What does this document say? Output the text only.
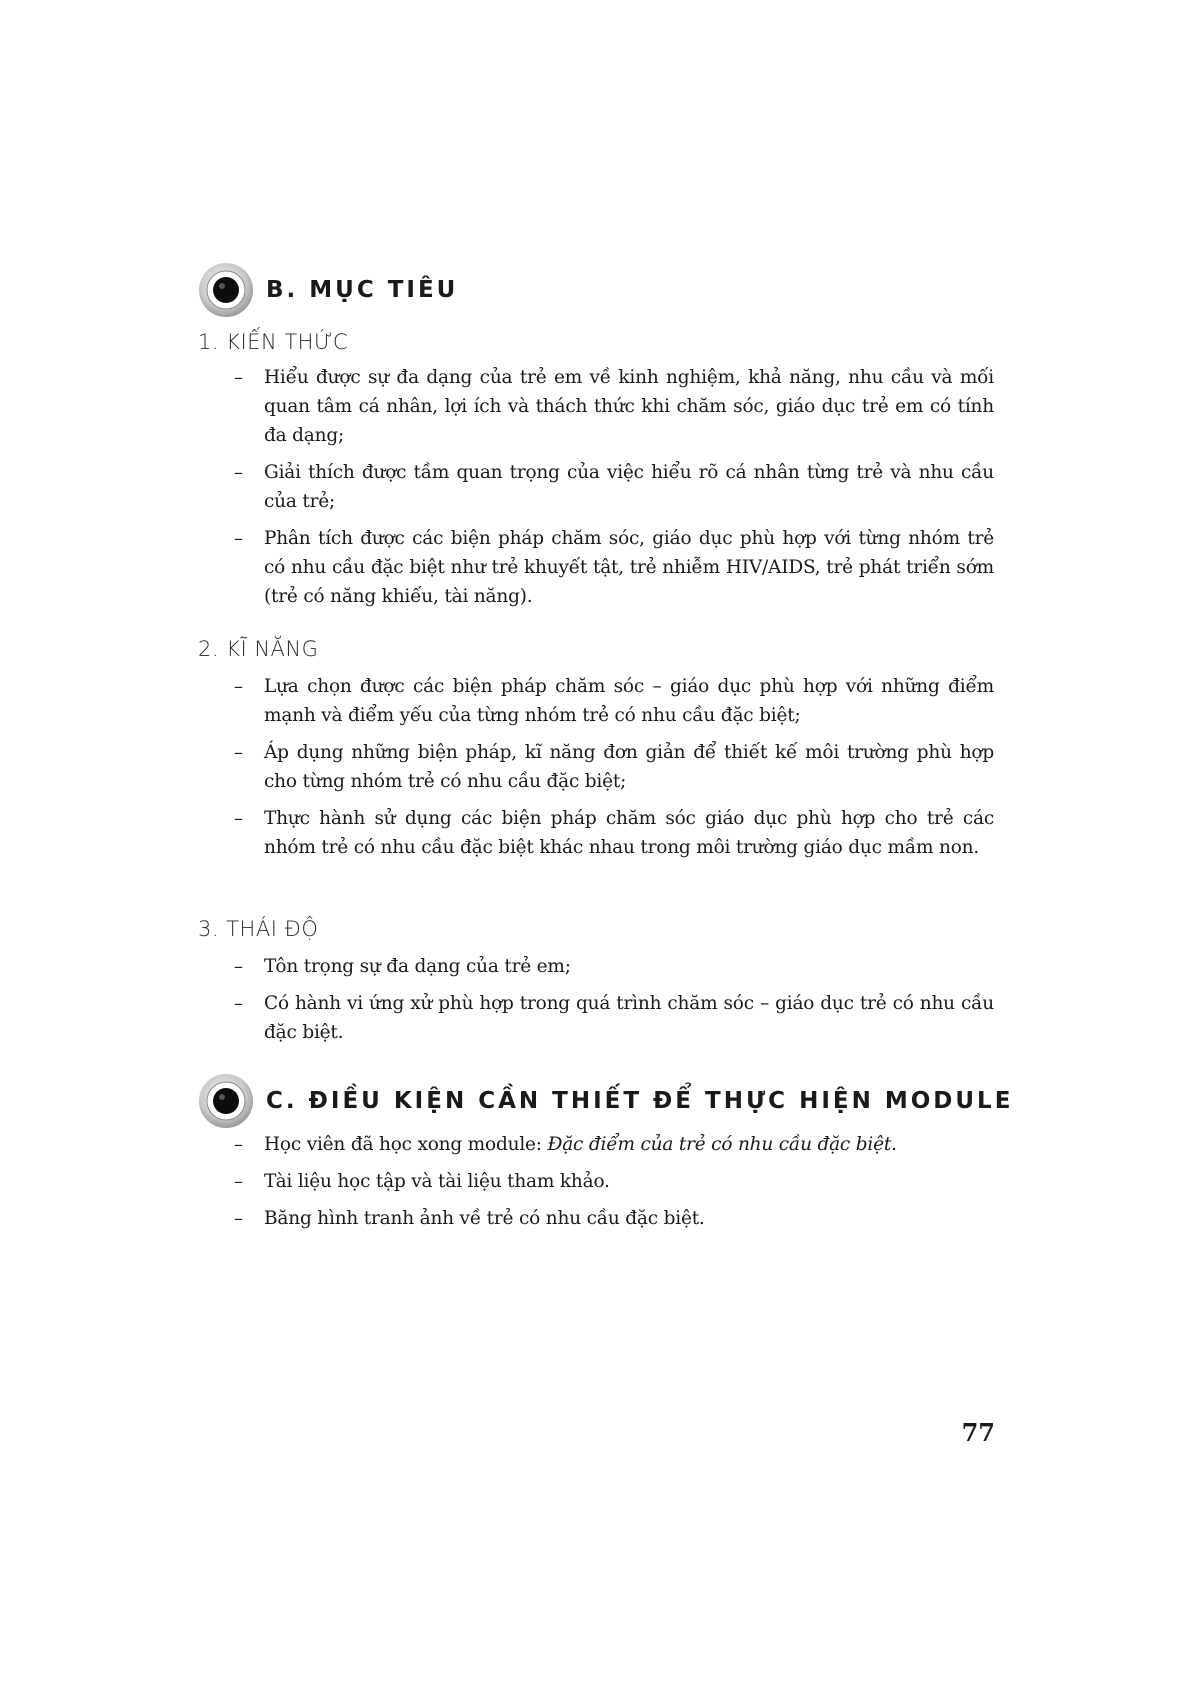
B. MỤC TIÊU
1. KIẾN THỨC
–	Hiểu được sự đa dạng của trẻ em về kinh nghiệm, khả năng, nhu cầu và mối quan tâm cá nhân, lợi ích và thách thức khi chăm sóc, giáo dục trẻ em có tính đa dạng;
–	Giải thích được tầm quan trọng của việc hiểu rõ cá nhân từng trẻ và nhu cầu của trẻ;
–	Phân tích được các biện pháp chăm sóc, giáo dục phù hợp với từng nhóm trẻ có nhu cầu đặc biệt như trẻ khuyết tật, trẻ nhiễm HIV/AIDS, trẻ phát triển sớm (trẻ có năng khiếu, tài năng).
2. KĨ NĂNG
–	Lựa chọn được các biện pháp chăm sóc – giáo dục phù hợp với những điểm mạnh và điểm yếu của từng nhóm trẻ có nhu cầu đặc biệt;
–	Áp dụng những biện pháp, kĩ năng đơn giản để thiết kế môi trường phù hợp cho từng nhóm trẻ có nhu cầu đặc biệt;
–	Thực hành sử dụng các biện pháp chăm sóc giáo dục phù hợp cho trẻ các nhóm trẻ có nhu cầu đặc biệt khác nhau trong môi trường giáo dục mầm non.
3. THÁI ĐỘ
–	Tôn trọng sự đa dạng của trẻ em;
–	Có hành vi ứng xử phù hợp trong quá trình chăm sóc – giáo dục trẻ có nhu cầu đặc biệt.
C. ĐIỀU KIỆN CẦN THIẾT ĐỂ THỰC HIỆN MODULE
–	Học viên đã học xong module: Đặc điểm của trẻ có nhu cầu đặc biệt.
–	Tài liệu học tập và tài liệu tham khảo.
–	Băng hình tranh ảnh về trẻ có nhu cầu đặc biệt.
77
